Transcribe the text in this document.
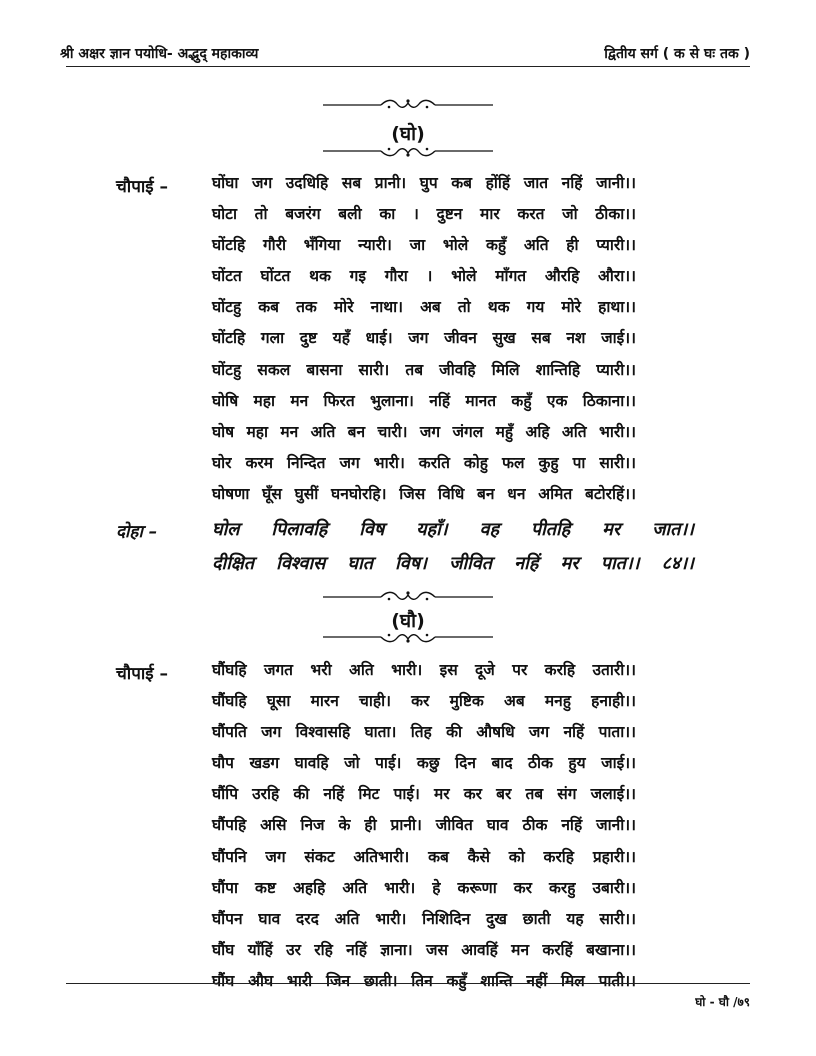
श्री अक्षर ज्ञान पयोधि- अद्भुद् महाकाव्य	द्वितीय सर्ग ( क से घः तक )
(घो)
चौपाई –	घोंघा जग उदधिहि सब प्रानी। घुप कब होंहिं जात नहिं जानी।।
घोटा तो बजरंग बली का । दुष्टन मार करत जो ठीका।।
घोंटहि गौरी भँगिया न्यारी। जा भोले कहुँ अति ही प्यारी।।
घोंटत घोंटत थक गइ गौरा । भोले माँगत औरहि औरा।।
घोंटहु कब तक मोरे नाथा। अब तो थक गय मोरे हाथा।।
घोंटहि गला दुष्ट यहँ धाई। जग जीवन सुख सब नश जाई।।
घोंटहु सकल बासना सारी। तब जीवहि मिलि शान्तिहि प्यारी।।
घोषि महा मन फिरत भुलाना। नहिं मानत कहुँ एक ठिकाना।।
घोष महा मन अति बन चारी। जग जंगल महुँ अहि अति भारी।।
घोर करम निन्दित जग भारी। करति कोहु फल कुहु पा सारी।।
घोषणा घूँस घुसीं घनघोरहि। जिस विधि बन धन अमित बटोरहिं।।
दोहा –	घोल पिलावहि विष यहाँ। वह पीतहि मर जात।।
दीक्षित विश्वास घात विष। जीवित नहिं मर पात।। ८४।।
(घौ)
चौपाई –	घौंघहि जगत भरी अति भारी। इस दूजे पर करहि उतारी।।
घौंघहि घूसा मारन चाही। कर मुष्टिक अब मनहु हनाही।।
घौंपति जग विश्वासहि घाता। तिह की औषधि जग नहिं पाता।।
घौप खडग घावहि जो पाई। कछु दिन बाद ठीक हुय जाई।।
घौंपि उरहि की नहिं मिट पाई। मर कर बर तब संग जलाई।।
घौंपहि असि निज के ही प्रानी। जीवित घाव ठीक नहिं जानी।।
घौंपनि जग संकट अतिभारी। कब कैसे को करहि प्रहारी।।
घौंपा कष्ट अहहि अति भारी। हे करूणा कर करहु उबारी।।
घौंपन घाव दरद अति भारी। निशिदिन दुख छाती यह सारी।।
घौंघ याँहिं उर रहि नहिं ज्ञाना। जस आवहिं मन करहिं बखाना।।
घौंघ औघ भारी जिन छाती। तिन कहुँ शान्ति नहीं मिल पाती।।
घो - घौ /७९
